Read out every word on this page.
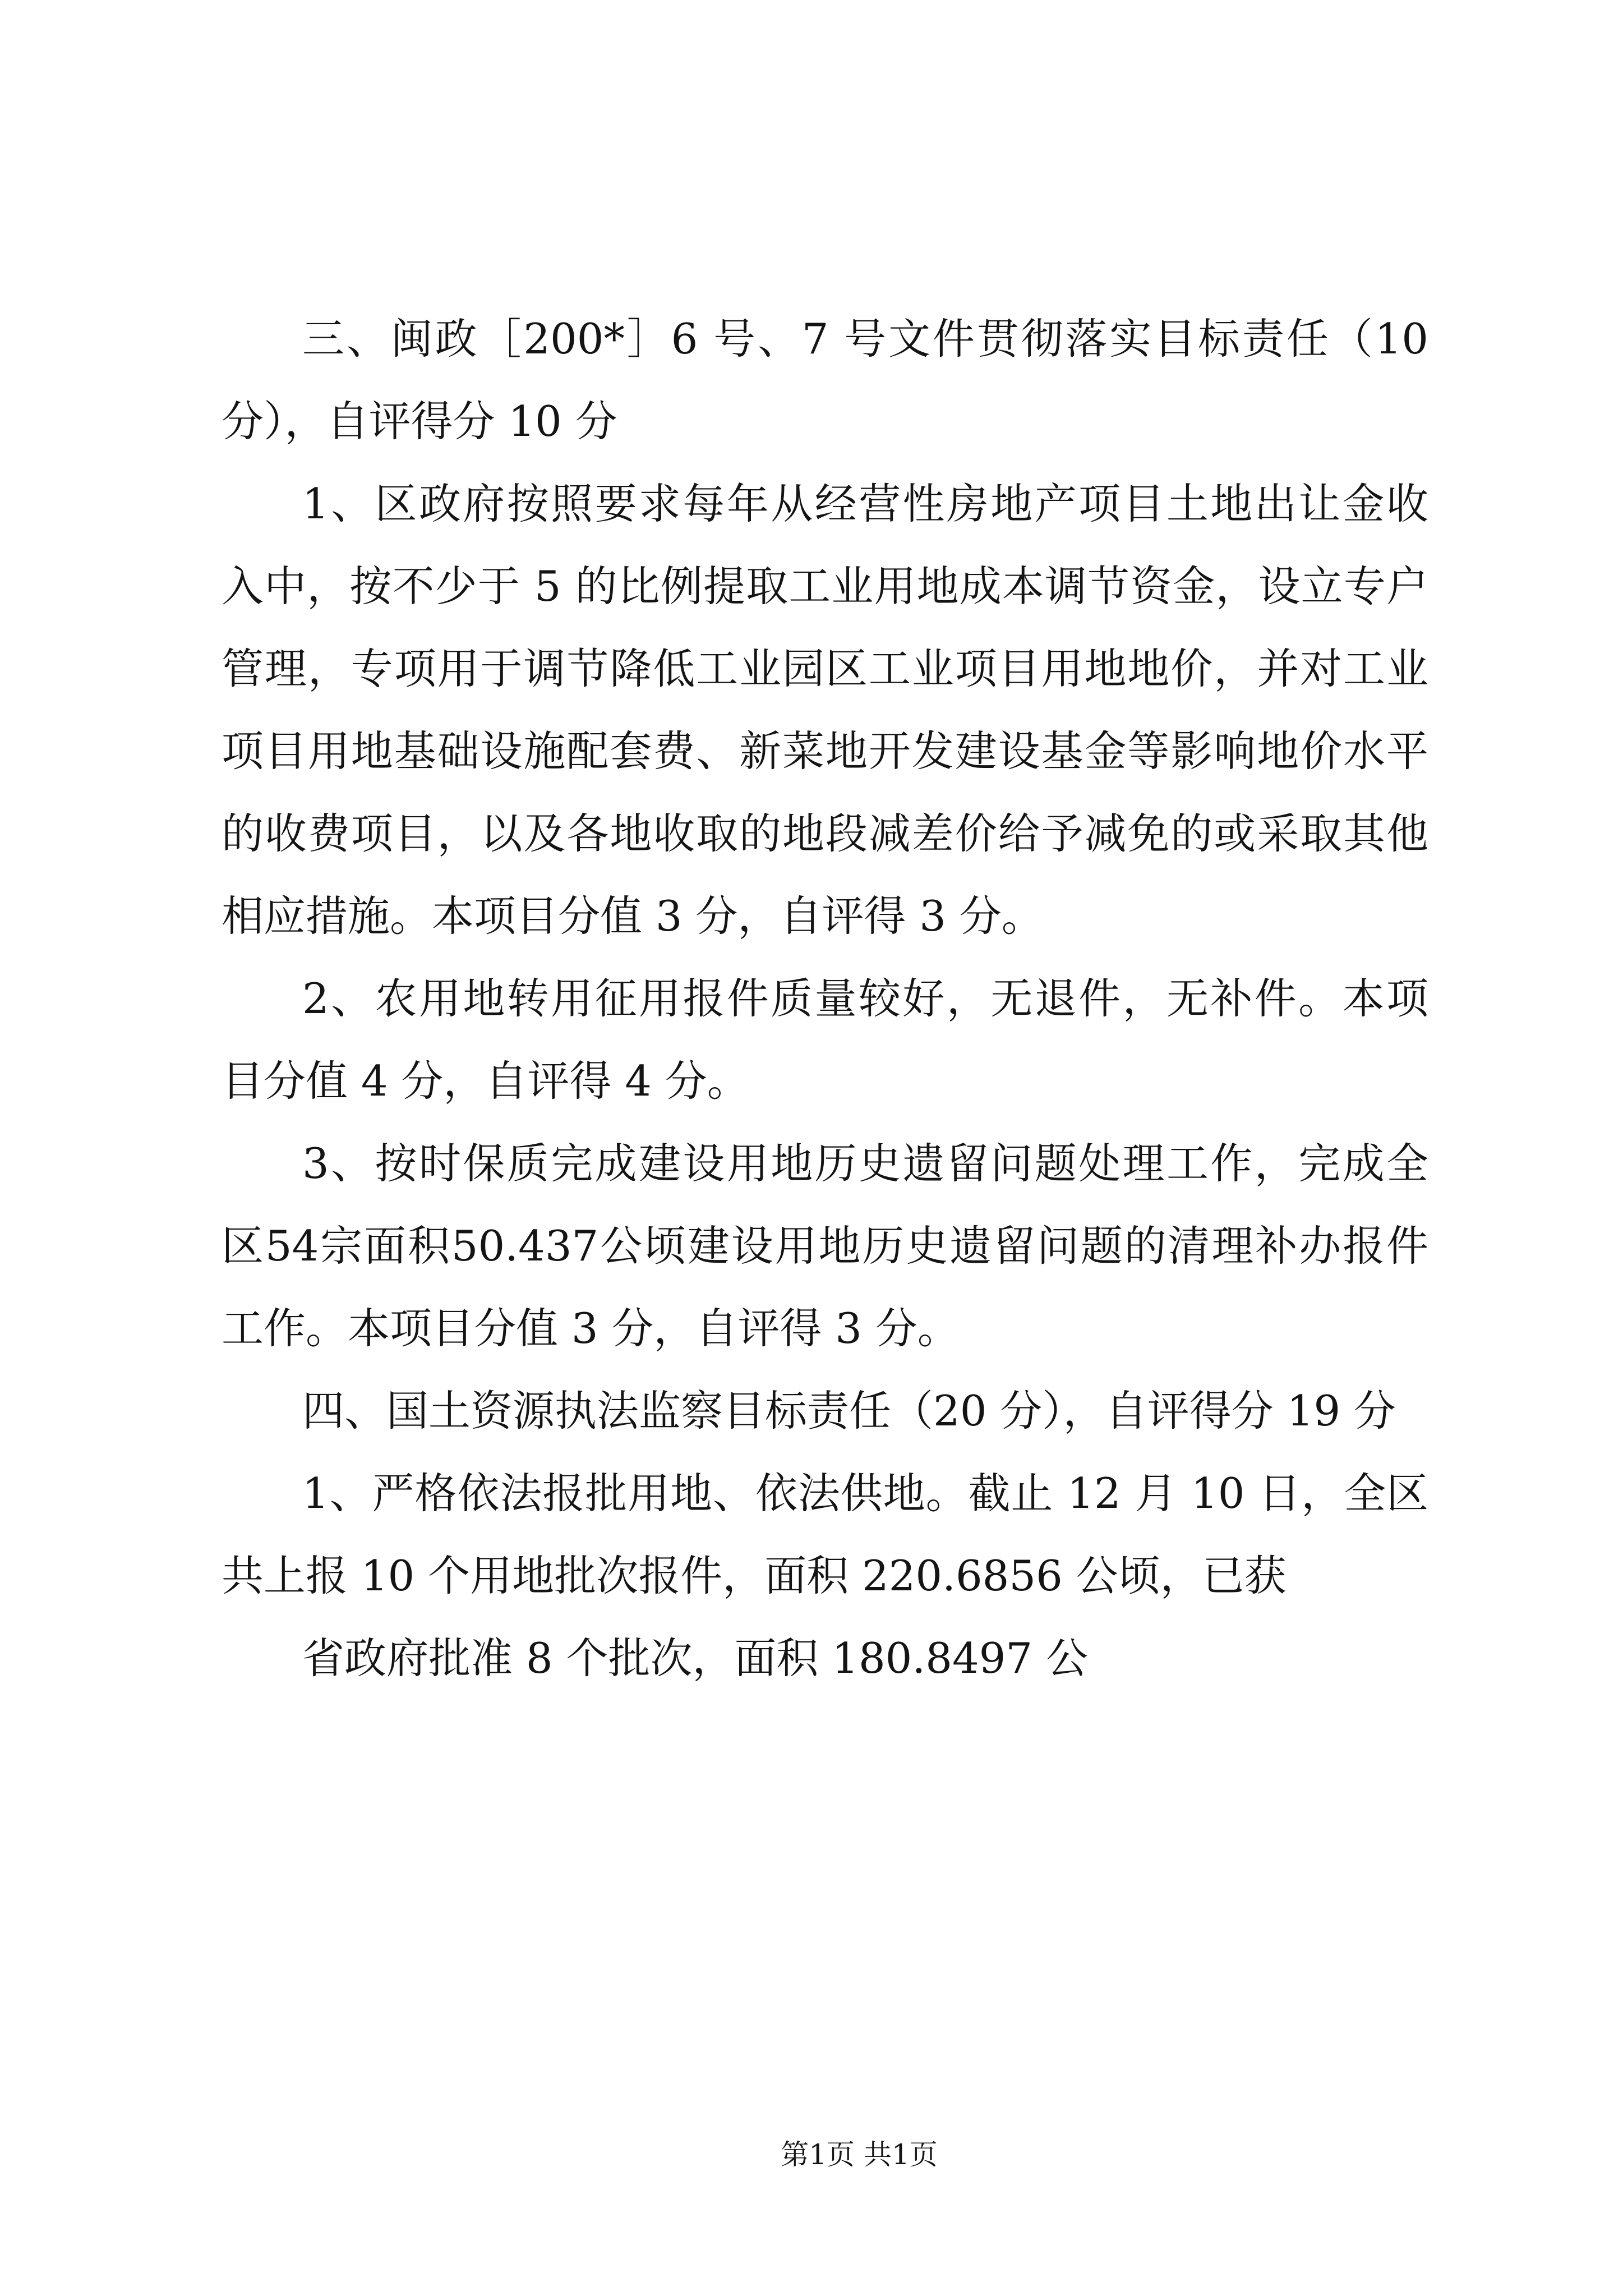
三、闽政［200*］6 号、7 号文件贯彻落实目标责任（10
分），自评得分 10 分
1、区政府按照要求每年从经营性房地产项目土地出让金收
入中，按不少于 5 的比例提取工业用地成本调节资金，设立专户
管理，专项用于调节降低工业园区工业项目用地地价，并对工业
项目用地基础设施配套费、新菜地开发建设基金等影响地价水平
的收费项目，以及各地收取的地段减差价给予减免的或采取其他
相应措施。本项目分值 3 分，自评得 3 分。
2、农用地转用征用报件质量较好，无退件，无补件。本项
目分值 4 分，自评得 4 分。
3、按时保质完成建设用地历史遗留问题处理工作，完成全
区54宗面积50.437公顷建设用地历史遗留问题的清理补办报件
工作。本项目分值 3 分，自评得 3 分。
四、国土资源执法监察目标责任（20 分），自评得分 19 分
1、严格依法报批用地、依法供地。截止 12 月 10 日，全区
共上报 10 个用地批次报件，面积 220.6856 公顷，已获
省政府批准 8 个批次，面积 180.8497 公
第1页 共1页
